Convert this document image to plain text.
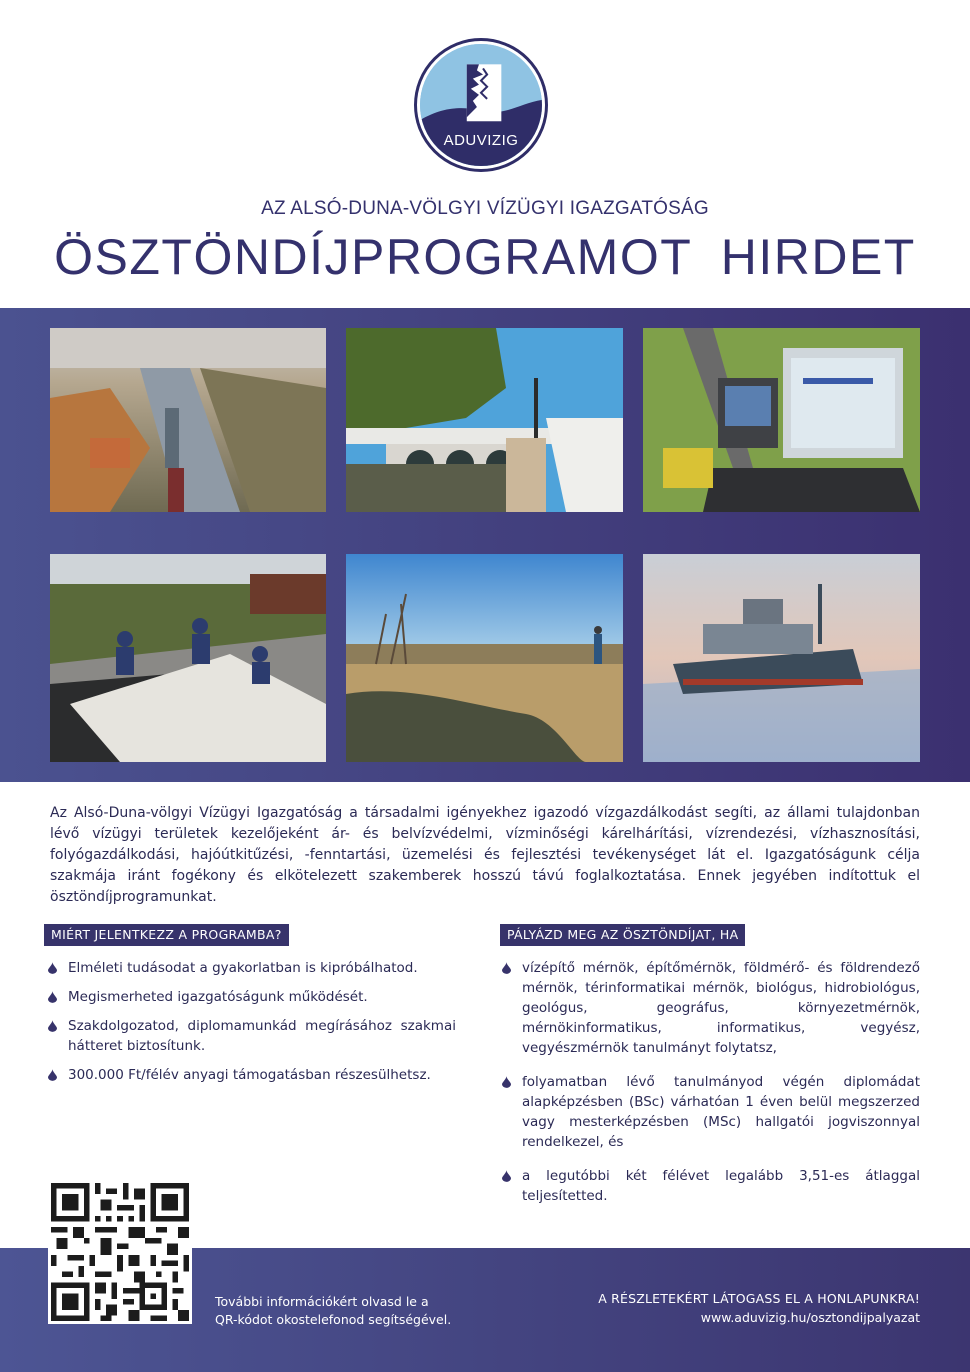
ADUVIZIG
AZ ALSÓ-DUNA-VÖLGYI VÍZÜGYI IGAZGATÓSÁG
ÖSZTÖNDÍJPROGRAMOT HIRDET

Az Alsó-Duna-völgyi Vízügyi Igazgatóság a társadalmi igényekhez igazodó vízgazdálkodást segíti, az állami tulajdonban lévő vízügyi területek kezelőjeként ár- és belvízvédelmi, vízminőségi kárelhárítási, vízrendezési, vízhasznosítási, folyógazdálkodási, hajóútkitűzési, -fenntartási, üzemelési és fejlesztési tevékenységet lát el. Igazgatóságunk célja szakmája iránt fogékony és elkötelezett szakemberek hosszú távú foglalkoztatása. Ennek jegyében indítottuk el ösztöndíjprogramunkat.

MIÉRT JELENTKEZZ A PROGRAMBA?
Elméleti tudásodat a gyakorlatban is kipróbálhatod.
Megismerheted igazgatóságunk működését.
Szakdolgozatod, diplomamunkád megírásához szakmai hátteret biztosítunk.
300.000 Ft/félév anyagi támogatásban részesülhetsz.
PÁLYÁZD MEG AZ ÖSZTÖNDÍJAT, HA
vízépítő mérnök, építőmérnök, földmérő- és földrendező mérnök, térinformatikai mérnök, biológus, hidrobiológus, geológus, geográfus, környezetmérnök, mérnökinformatikus, informatikus, vegyész, vegyészmérnök tanulmányt folytatsz,
folyamatban lévő tanulmányod végén diplomádat alapképzésben (BSc) várhatóan 1 éven belül megszerzed vagy mesterképzésben (MSc) hallgatói jogviszonnyal rendelkezel, és
a legutóbbi két félévet legalább 3,51-es átlaggal teljesítetted.
További információkért olvasd le a
QR-kódot okostelefonod segítségével.
A RÉSZLETEKÉRT LÁTOGASS EL A HONLAPUNKRA!
www.aduvizig.hu/osztondijpalyazat
